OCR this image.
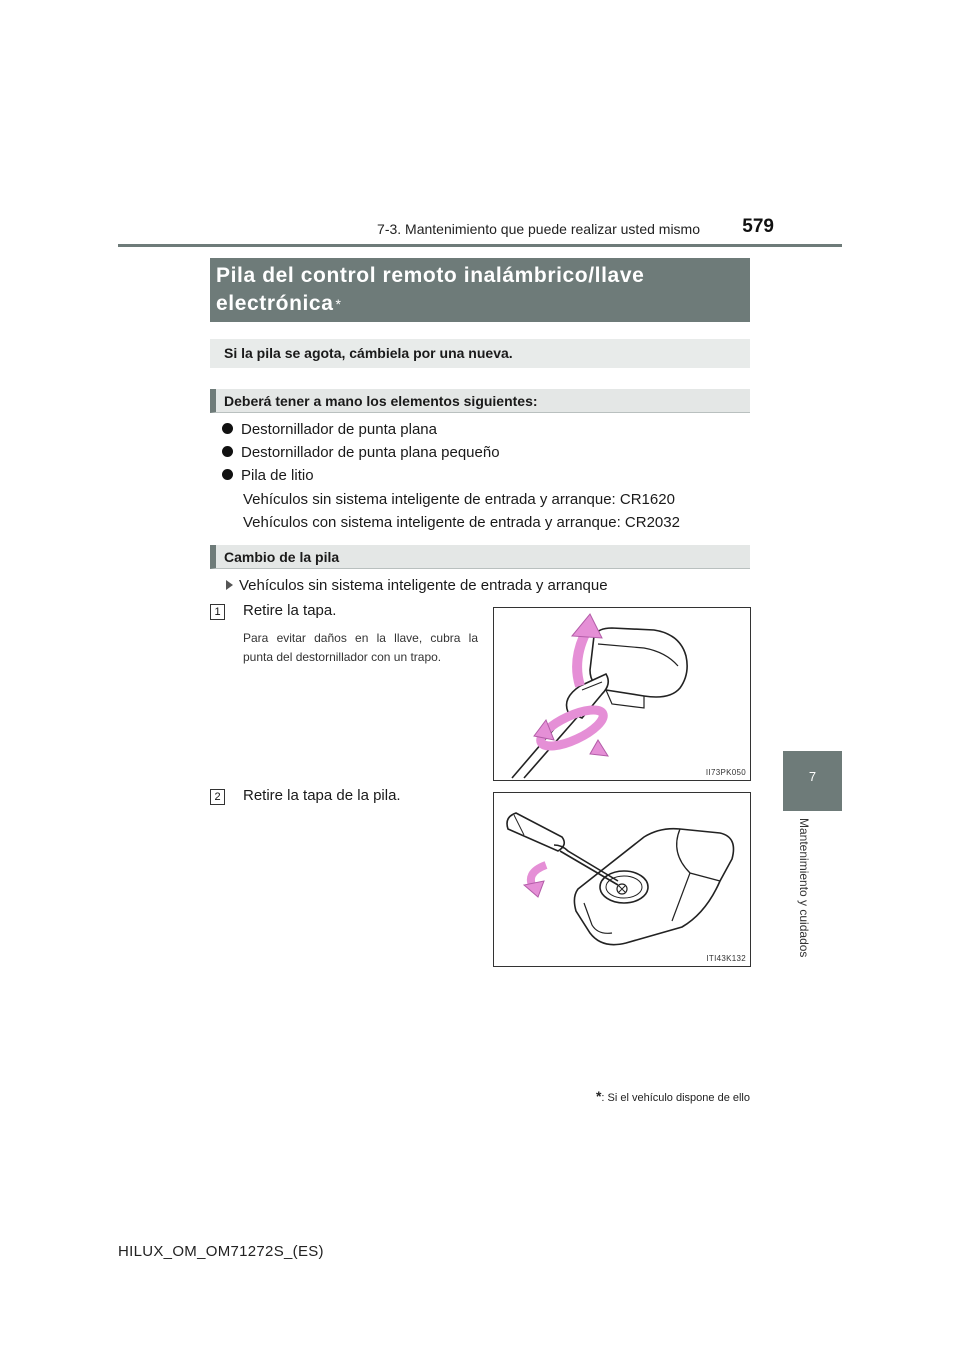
7-3. Mantenimiento que puede realizar usted mismo	579
7
Mantenimiento y cuidados
Pila del control remoto inalámbrico/llave electrónica *
Si la pila se agota, cámbiela por una nueva.
Deberá tener a mano los elementos siguientes:
Destornillador de punta plana
Destornillador de punta plana pequeño
Pila de litio
Vehículos sin sistema inteligente de entrada y arranque: CR1620
Vehículos con sistema inteligente de entrada y arranque: CR2032
Cambio de la pila
Vehículos sin sistema inteligente de entrada y arranque
1 Retire la tapa.
Para evitar daños en la llave, cubra la
punta del destornillador con un trapo.
II73PK050
2 Retire la tapa de la pila.
ITI43K132
*: Si el vehículo dispone de ello
HILUX_OM_OM71272S_(ES)
